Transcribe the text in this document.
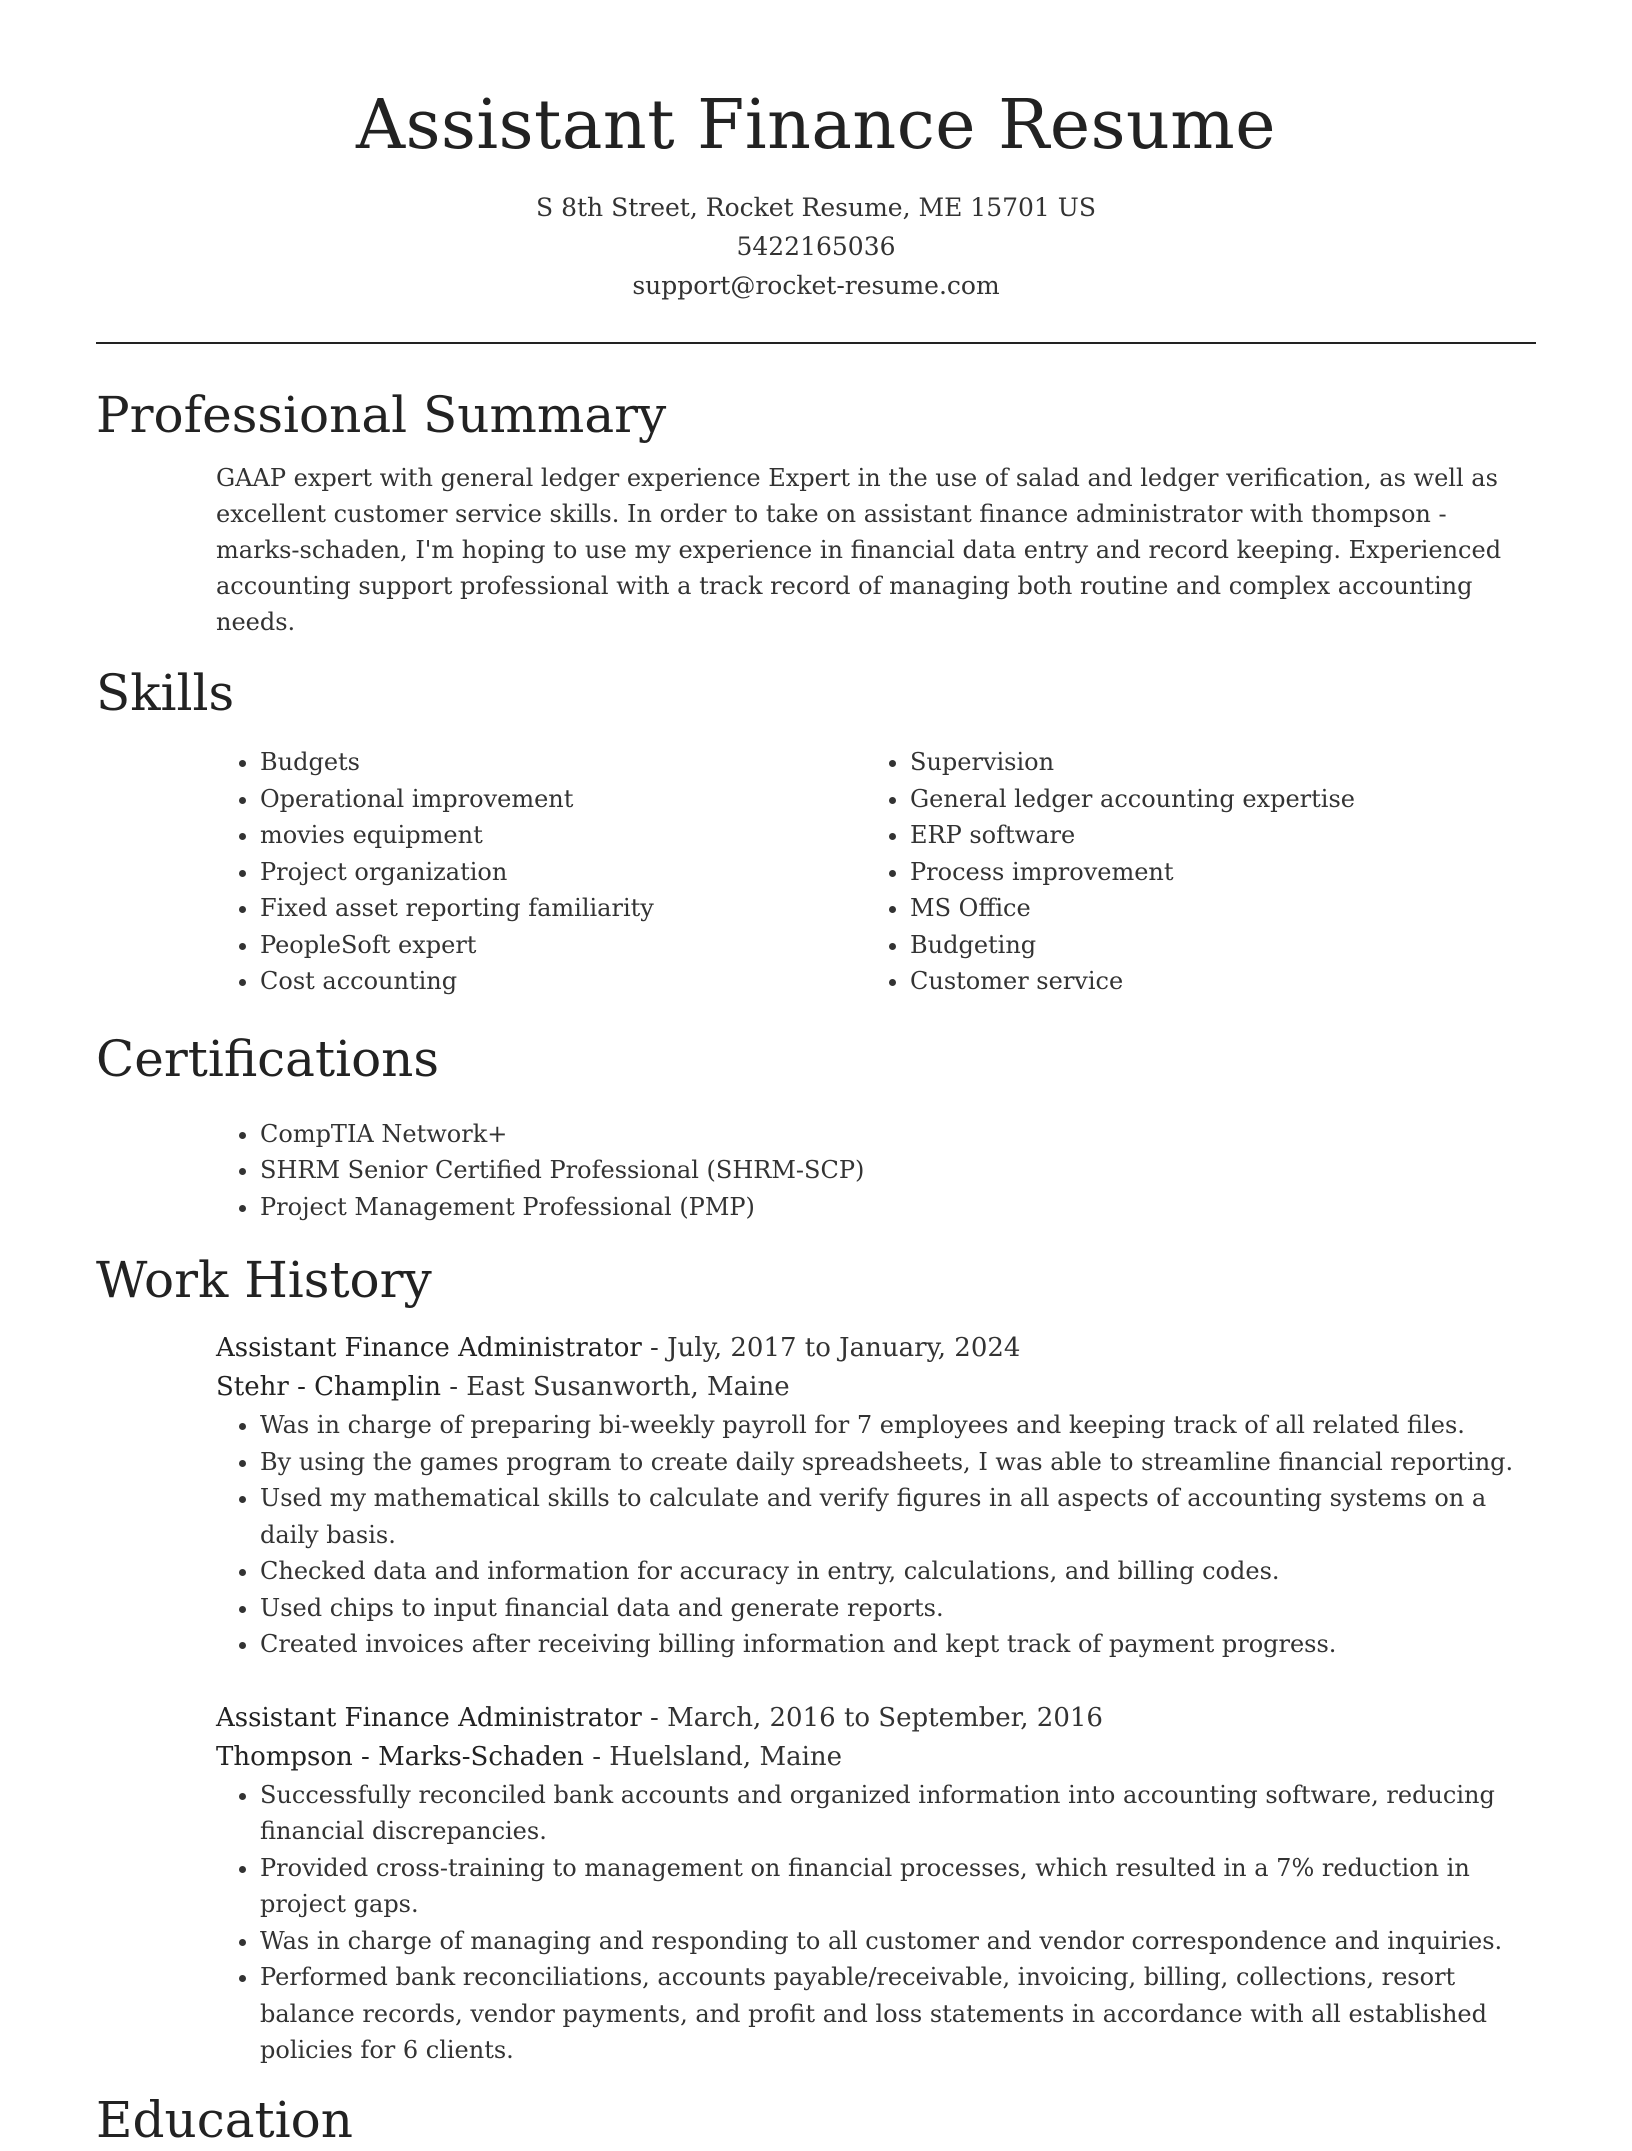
Assistant Finance Resume
S 8th Street, Rocket Resume, ME 15701 US
5422165036
support@rocket-resume.com
Professional Summary

GAAP expert with general ledger experience Expert in the use of salad and ledger verification, as well as excellent customer service skills. In order to take on assistant finance administrator with thompson - marks-schaden, I'm hoping to use my experience in financial data entry and record keeping. Experienced accounting support professional with a track record of managing both routine and complex accounting needs.

Skills
• Budgets
• Operational improvement
• movies equipment
• Project organization
• Fixed asset reporting familiarity
• PeopleSoft expert
• Cost accounting
• Supervision
• General ledger accounting expertise
• ERP software
• Process improvement
• MS Office
• Budgeting
• Customer service
Certifications
• CompTIA Network+
• SHRM Senior Certified Professional (SHRM-SCP)
• Project Management Professional (PMP)
Work History
Assistant Finance Administrator - July, 2017 to January, 2024
Stehr - Champlin - East Susanworth, Maine
• Was in charge of preparing bi-weekly payroll for 7 employees and keeping track of all related files.
• By using the games program to create daily spreadsheets, I was able to streamline financial reporting.
• Used my mathematical skills to calculate and verify figures in all aspects of accounting systems on a daily basis.
• Checked data and information for accuracy in entry, calculations, and billing codes.
• Used chips to input financial data and generate reports.
• Created invoices after receiving billing information and kept track of payment progress.
Assistant Finance Administrator - March, 2016 to September, 2016
Thompson - Marks-Schaden - Huelsland, Maine
• Successfully reconciled bank accounts and organized information into accounting software, reducing financial discrepancies.
• Provided cross-training to management on financial processes, which resulted in a 7% reduction in project gaps.
• Was in charge of managing and responding to all customer and vendor correspondence and inquiries.
• Performed bank reconciliations, accounts payable/receivable, invoicing, billing, collections, resort balance records, vendor payments, and profit and loss statements in accordance with all established policies for 6 clients.
Education
